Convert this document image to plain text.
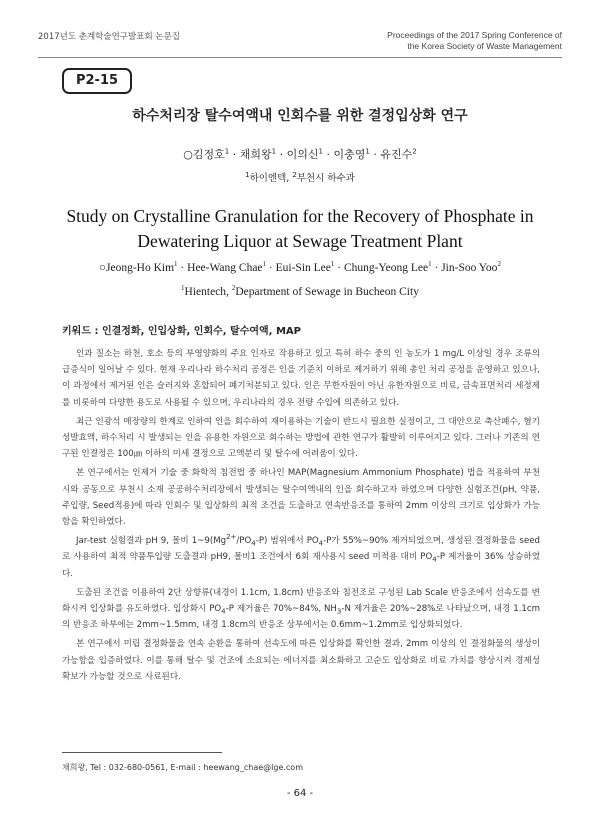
2017년도 춘계학술연구발표회 논문집	Proceedings of the 2017 Spring Conference of
the Korea Society of Waste Management
P2-15
하수처리장 탈수여액내 인회수를 위한 결정입상화 연구
○김정호$^1$ · 채희왕$^1$ · 이의신$^1$ · 이충영$^1$ · 유진수$^2$
$^1$하이엔텍, $^2$부천시 하수과
Study on Crystalline Granulation for the Recovery of Phosphate in
Dewatering Liquor at Sewage Treatment Plant
○Jeong-Ho Kim$^1$ · Hee-Wang Chae$^1$ · Eui-Sin Lee$^1$ · Chung-Yeong Lee$^1$ · Jin-Soo Yoo$^2$
$^1$Hientech, $^2$Department of Sewage in Bucheon City
키워드 : 인결정화, 인입상화, 인회수, 탈수여액, MAP

인과 질소는 하천, 호소 등의 부영양화의 주요 인자로 작용하고 있고 특히 하수 중의 인 농도가 1 mg/L 이상일 경우 조류의 급증식이 일어날 수 있다. 현재 우리나라 하수처리 공정은 인을 기준치 이하로 제거하기 위해 총인 처리 공정을 운영하고 있으나, 이 과정에서 제거된 인은 슬러지와 혼합되어 폐기처분되고 있다. 인은 무한자원이 아닌 유한자원으로 비료, 금속표면처리 세정제를 비롯하여 다양한 용도로 사용될 수 있으며, 우리나라의 경우 전량 수입에 의존하고 있다.

최근 인광석 매장량의 한계로 인하여 인을 회수하여 재이용하는 기술이 반드시 필요한 실정이고, 그 대안으로 축산폐수, 혐기성발효액, 하수처리 시 발생되는 인을 유용한 자원으로 회수하는 방법에 관한 연구가 활발히 이루어지고 있다. 그러나 기존의 연구된 인결정은 100㎛ 이하의 미세 결정으로 고액분리 및 탈수에 어려움이 있다.

본 연구에서는 인제거 기술 중 화학적 침전법 중 하나인 MAP(Magnesium Ammonium Phosphate) 법을 적용하여 부천시와 공동으로 부천시 소재 공공하수처리장에서 발생되는 탈수여액내의 인을 회수하고자 하였으며 다양한 실험조건(pH, 약품, 주입량, Seed적용)에 따라 인회수 및 입상화의 최적 조건을 도출하고 연속반응조를 통하여 2mm 이상의 크기로 입상화가 가능함을 확인하였다.

Jar-test 실험결과 pH 9, 몰비 $1\sim 9(Mg^{2+}/PO_4-P)$ 범위에서 $PO_4-P$가 55%~90% 제거되었으며, 생성된 결정화물을 seed로 사용하여 최적 약품투입량 도출결과 pH9, 몰비1 조건에서 6회 재사용시 seed 미적용 대비 $PO_4-P$ 제거율이 36% 상승하였다.

도출된 조건을 이용하여 2단 상향류(내경이 1.1cm, 1.8cm) 반응조와 침전조로 구성된 Lab Scale 반응조에서 선속도를 변화시켜 입상화를 유도하였다. 입상화시 $PO_4-P$ 제거율은 70%~84%, $NH_3-N$ 제거율은 20%~28%로 나타났으며, 내경 1.1cm의 반응조 하부에는 2mm~1.5mm, 내경 1.8cm의 반응조 상부에서는 0.6mm~1.2mm로 입상화되었다.

본 연구에서 미립 결정화물을 연속 순환을 통하여 선속도에 따른 입상화를 확인한 결과, 2mm 이상의 인 결정화물의 생성이 가능함을 입증하였다. 이를 통해 탈수 및 건조에 소요되는 에너지를 최소화하고 고순도 입상화로 비료 가치를 향상시켜 경제성 확보가 가능할 것으로 사료된다.

채희왕, Tel : 032-680-0561, E-mail : heewang_chae@lge.com
- 64 -
